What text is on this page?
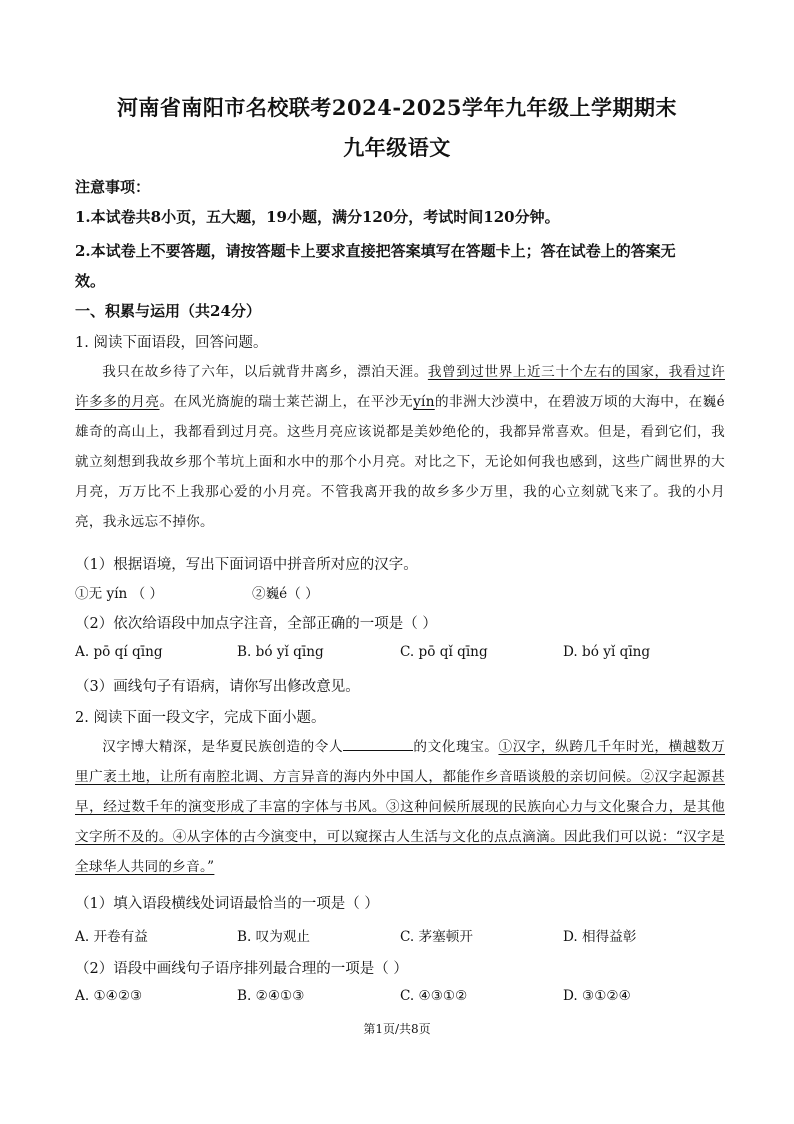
河南省南阳市名校联考2024-2025学年九年级上学期期末
九年级语文
注意事项：
1.本试卷共8小页，五大题，19小题，满分120分，考试时间120分钟。
2.本试卷上不要答题，请按答题卡上要求直接把答案填写在答题卡上；答在试卷上的答案无
效。
一、积累与运用（共24分）
1. 阅读下面语段，回答问题。
我只在故乡待了六年，以后就背井离乡，漂泊天涯。我曾到过世界上近三十个左右的国家，我看过许许多多的月亮。在风光旖旎的瑞士莱芒湖上，在平沙无yín的非洲大沙漠中，在碧波万顷的大海中，在巍é雄奇的高山上，我都看到过月亮。这些月亮应该说都是美妙绝伦的，我都异常喜欢。但是，看到它们，我就立刻想到我故乡那个苇坑上面和水中的那个小月亮。对比之下，无论如何我也感到，这些广阔世界的大月亮，万万比不上我那心爱的小月亮。不管我离开我的故乡多少万里，我的心立刻就飞来了。我的小月亮，我永远忘不掉你。
（1）根据语境，写出下面词语中拼音所对应的汉字。
①无 yín （ ）	②巍é（ ）
（2）依次给语段中加点字注音，全部正确的一项是（ ）
A. pō qí qīng	B. bó yǐ qīng	C. pō qǐ qīng	D. bó yǐ qīng
（3）画线句子有语病，请你写出修改意见。
2. 阅读下面一段文字，完成下面小题。
汉字博大精深，是华夏民族创造的令人	的文化瑰宝。①汉字，纵跨几千年时光，横越数万里广袤土地，让所有南腔北调、方言异音的海内外中国人，都能作乡音晤谈般的亲切问候。②汉字起源甚早，经过数千年的演变形成了丰富的字体与书风。③这种问候所展现的民族向心力与文化聚合力，是其他文字所不及的。④从字体的古今演变中，可以窥探古人生活与文化的点点滴滴。因此我们可以说：“汉字是全球华人共同的乡音。”
（1）填入语段横线处词语最恰当的一项是（ ）
A. 开卷有益	B. 叹为观止	C. 茅塞顿开	D. 相得益彰
（2）语段中画线句子语序排列最合理的一项是（ ）
A. ①④②③	B. ②④①③	C. ④③①②	D. ③①②④
第1页/共8页
